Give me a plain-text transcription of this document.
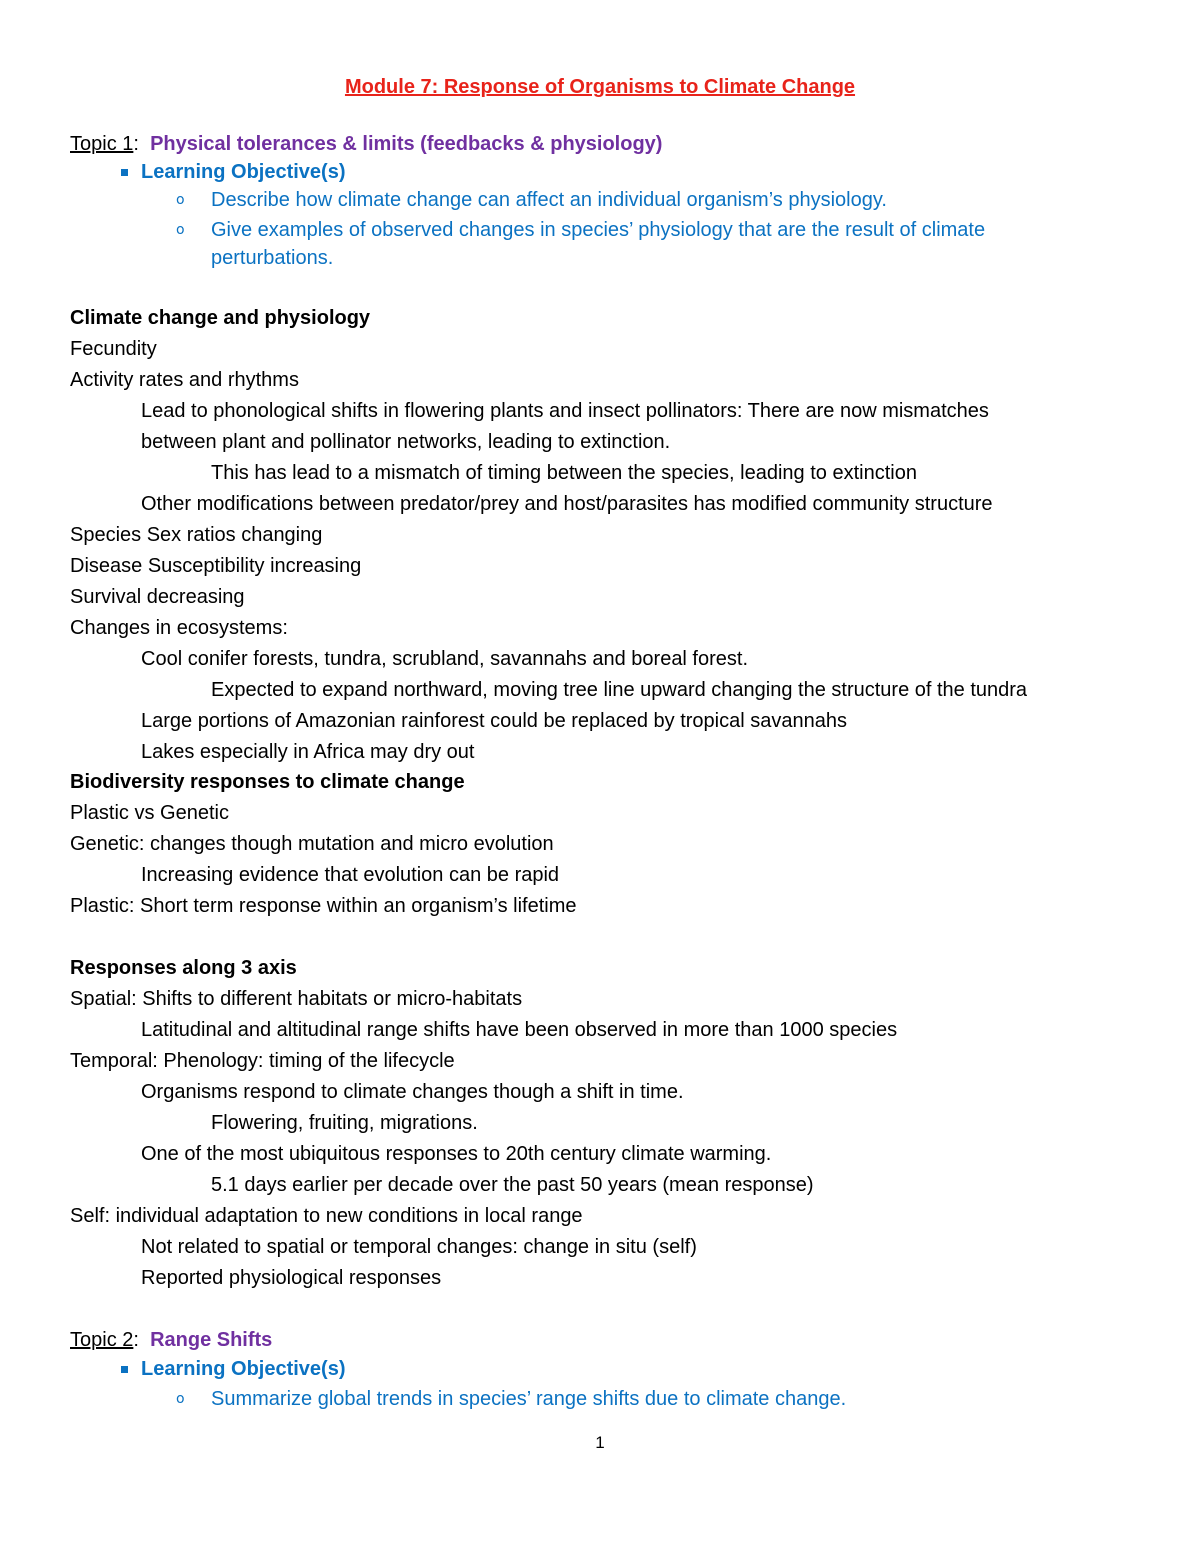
Module 7: Response of Organisms to Climate Change
Topic 1: Physical tolerances & limits (feedbacks & physiology)
Learning Objective(s)
o Describe how climate change can affect an individual organism’s physiology.
o Give examples of observed changes in species’ physiology that are the result of climate
perturbations.
Climate change and physiology
Fecundity
Activity rates and rhythms
Lead to phonological shifts in flowering plants and insect pollinators: There are now mismatches
between plant and pollinator networks, leading to extinction.
This has lead to a mismatch of timing between the species, leading to extinction
Other modifications between predator/prey and host/parasites has modified community structure
Species Sex ratios changing
Disease Susceptibility increasing
Survival decreasing
Changes in ecosystems:
Cool conifer forests, tundra, scrubland, savannahs and boreal forest.
Expected to expand northward, moving tree line upward changing the structure of the tundra
Large portions of Amazonian rainforest could be replaced by tropical savannahs
Lakes especially in Africa may dry out
Biodiversity responses to climate change
Plastic vs Genetic
Genetic: changes though mutation and micro evolution
Increasing evidence that evolution can be rapid
Plastic: Short term response within an organism’s lifetime
Responses along 3 axis
Spatial: Shifts to different habitats or micro-habitats
Latitudinal and altitudinal range shifts have been observed in more than 1000 species
Temporal: Phenology: timing of the lifecycle
Organisms respond to climate changes though a shift in time.
Flowering, fruiting, migrations.
One of the most ubiquitous responses to 20th century climate warming.
5.1 days earlier per decade over the past 50 years (mean response)
Self: individual adaptation to new conditions in local range
Not related to spatial or temporal changes: change in situ (self)
Reported physiological responses
Topic 2: Range Shifts
Learning Objective(s)
o Summarize global trends in species’ range shifts due to climate change.
1
